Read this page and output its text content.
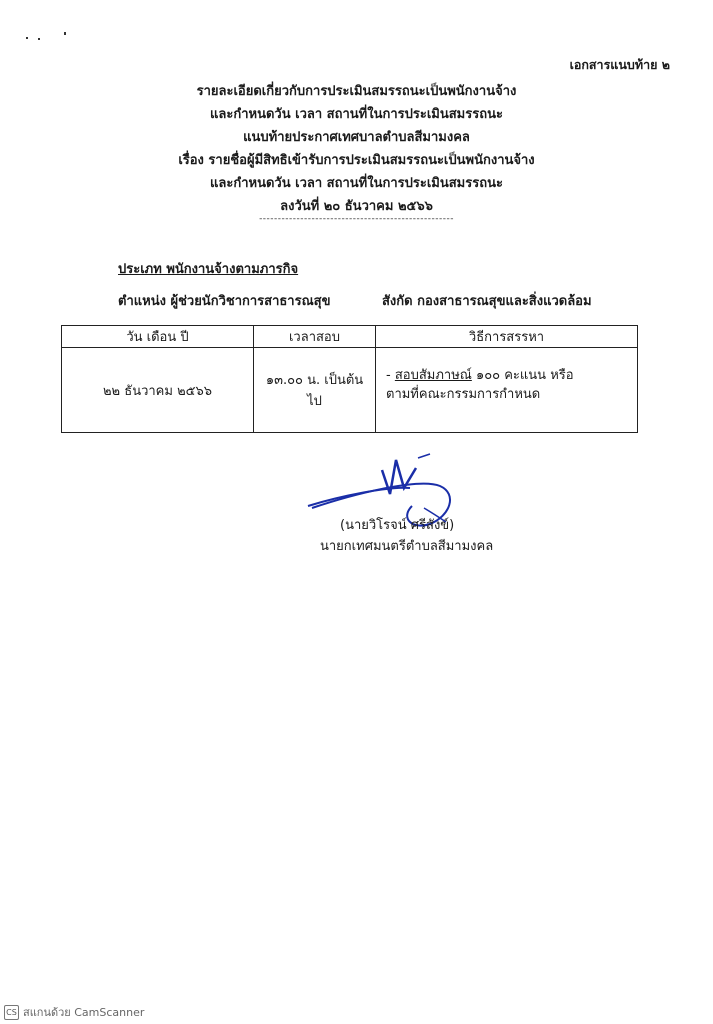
เอกสารแนบท้าย ๒
รายละเอียดเกี่ยวกับการประเมินสมรรถนะเป็นพนักงานจ้าง
และกำหนดวัน เวลา สถานที่ในการประเมินสมรรถนะ
แนบท้ายประกาศเทศบาลตำบลสีมามงคล
เรื่อง รายชื่อผู้มีสิทธิเข้ารับการประเมินสมรรถนะเป็นพนักงานจ้าง
และกำหนดวัน เวลา สถานที่ในการประเมินสมรรถนะ
ลงวันที่ ๒๐ ธันวาคม ๒๕๖๖
----------------------------------------------------
ประเภท พนักงานจ้างตามภารกิจ
ตำแหน่ง ผู้ช่วยนักวิชาการสาธารณสุข	สังกัด กองสาธารณสุขและสิ่งแวดล้อม
วัน เดือน ปี	เวลาสอบ	วิธีการสรรหา
๒๒ ธันวาคม ๒๕๖๖	๑๓.๐๐ น. เป็นต้นไป	- สอบสัมภาษณ์ ๑๐๐ คะแนน หรือ
ตามที่คณะกรรมการกำหนด
(นายวิโรจน์ ศรีสังข์)
นายกเทศมนตรีตำบลสีมามงคล
CS สแกนด้วย CamScanner
